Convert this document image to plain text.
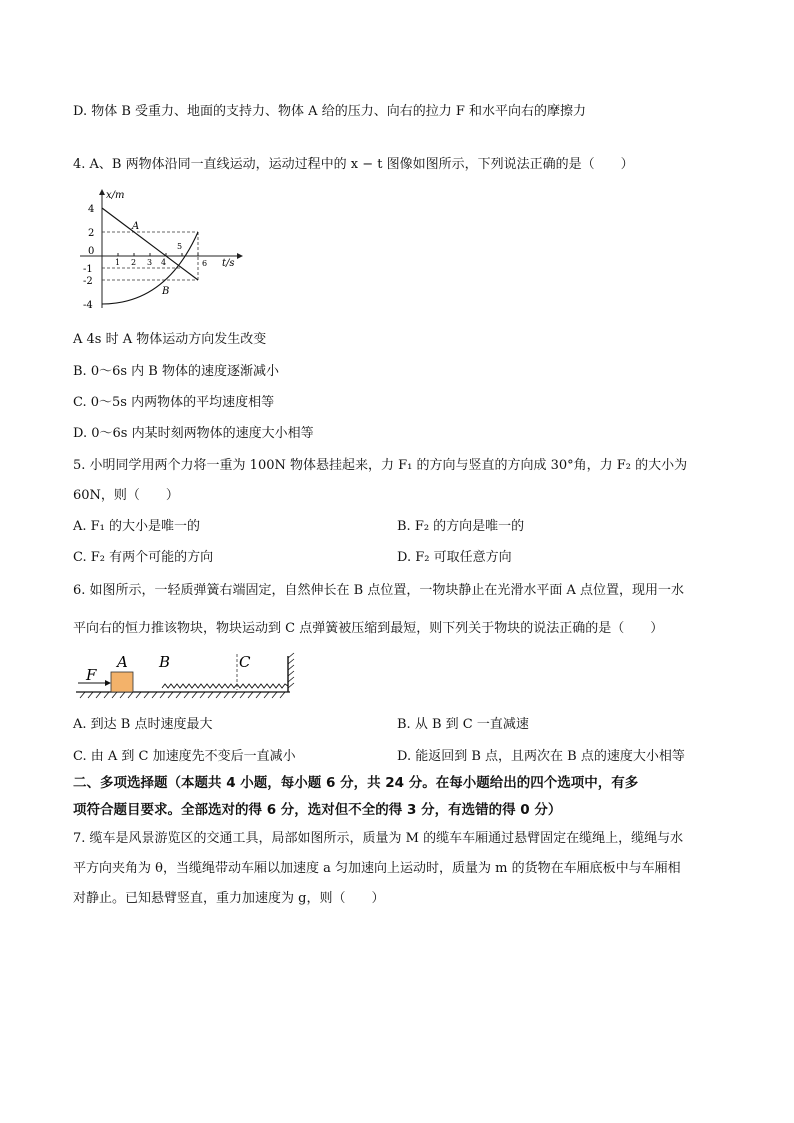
D. 物体 B 受重力、地面的支持力、物体 A 给的压力、向右的拉力 F 和水平向右的摩擦力
4. A、B 两物体沿同一直线运动，运动过程中的 x − t 图像如图所示，下列说法正确的是（　　）
x/m
t/s
4
2
0
-1
-2
-4
1 2 3 4
5
6
A
B
A 4s 时 A 物体运动方向发生改变
B. 0～6s 内 B 物体的速度逐渐减小
C. 0～5s 内两物体的平均速度相等
D. 0～6s 内某时刻两物体的速度大小相等
5. 小明同学用两个力将一重为 100N 物体悬挂起来，力 F₁ 的方向与竖直的方向成 30°角，力 F₂ 的大小为
60N，则（　　）
A. F₁ 的大小是唯一的	B. F₂ 的方向是唯一的
C. F₂ 有两个可能的方向	D. F₂ 可取任意方向
6. 如图所示，一轻质弹簧右端固定，自然伸长在 B 点位置，一物块静止在光滑水平面 A 点位置，现用一水
平向右的恒力推该物块，物块运动到 C 点弹簧被压缩到最短，则下列关于物块的说法正确的是（　　）
F
A B	C
A. 到达 B 点时速度最大	B. 从 B 到 C 一直减速
C. 由 A 到 C 加速度先不变后一直减小	D. 能返回到 B 点，且两次在 B 点的速度大小相等
二、多项选择题（本题共 4 小题，每小题 6 分，共 24 分。在每小题给出的四个选项中，有多
项符合题目要求。全部选对的得 6 分，选对但不全的得 3 分，有选错的得 0 分）
7. 缆车是风景游览区的交通工具，局部如图所示，质量为 M 的缆车车厢通过悬臂固定在缆绳上，缆绳与水
平方向夹角为 θ，当缆绳带动车厢以加速度 a 匀加速向上运动时，质量为 m 的货物在车厢底板中与车厢相
对静止。已知悬臂竖直，重力加速度为 g，则（　　）
